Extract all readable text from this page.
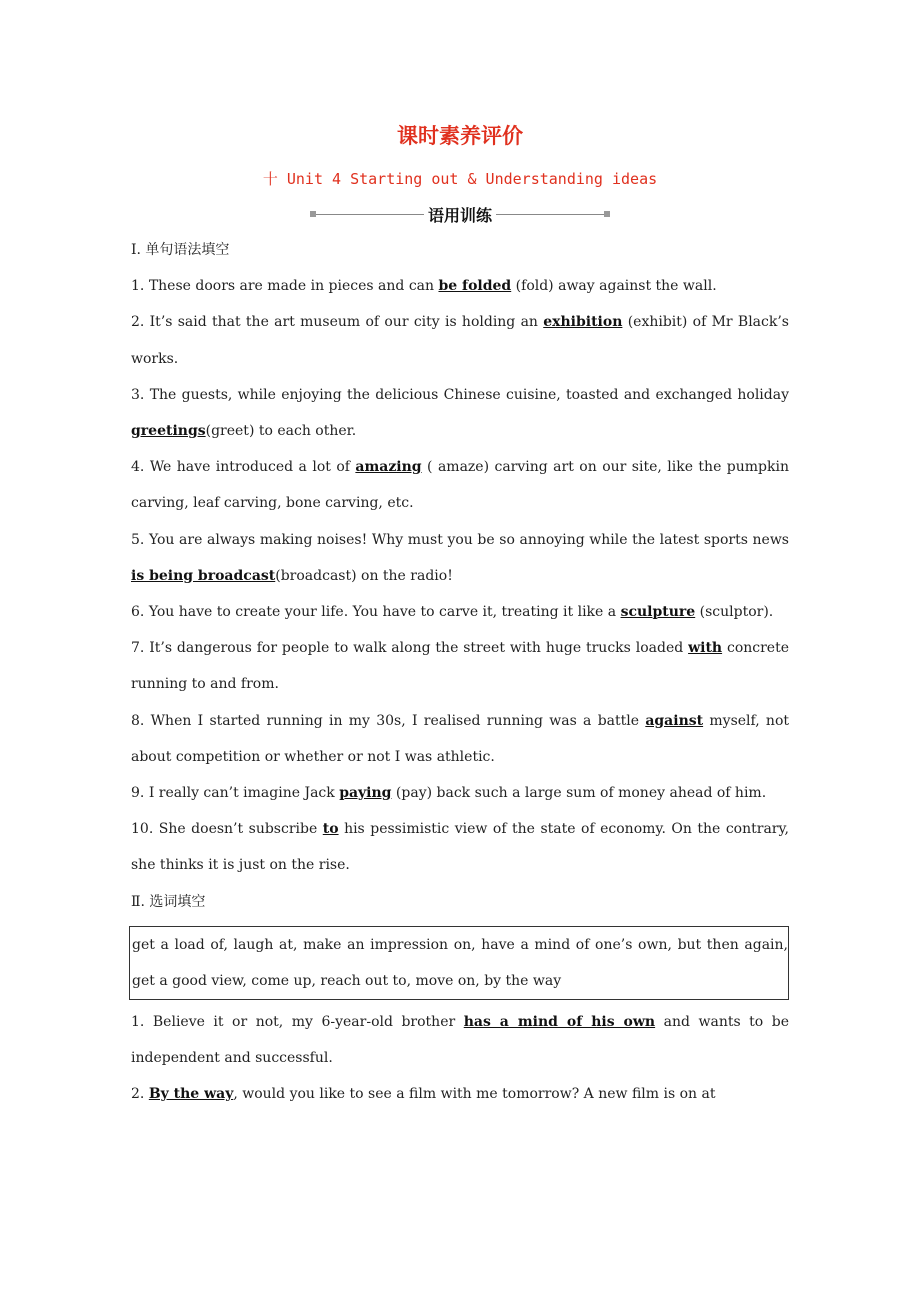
课时素养评价
十 Unit 4 Starting out & Understanding ideas
语用训练

Ⅰ. 单句语法填空

1. These doors are made in pieces and can be folded (fold) away against the wall.

2. It’s said that the art museum of our city is holding an exhibition (exhibit) of Mr Black’s works.

3. The guests, while enjoying the delicious Chinese cuisine, toasted and exchanged holiday greetings(greet) to each other.

4. We have introduced a lot of amazing ( amaze) carving art on our site, like the pumpkin carving, leaf carving, bone carving, etc.

5. You are always making noises! Why must you be so annoying while the latest sports news is being broadcast(broadcast) on the radio!

6. You have to create your life. You have to carve it, treating it like a sculpture (sculptor).

7. It’s dangerous for people to walk along the street with huge trucks loaded with concrete running to and from.

8. When I started running in my 30s, I realised running was a battle against myself, not about competition or whether or not I was athletic.

9. I really can’t imagine Jack paying (pay) back such a large sum of money ahead of him.

10. She doesn’t subscribe to his pessimistic view of the state of economy. On the contrary, she thinks it is just on the rise.

Ⅱ. 选词填空

get a load of, laugh at, make an impression on, have a mind of one’s own, but then again, get a good view, come up, reach out to, move on, by the way

1. Believe it or not, my 6-year-old brother has a mind of his own and wants to be independent and successful.

2. By the way, would you like to see a film with me tomorrow? A new film is on at
